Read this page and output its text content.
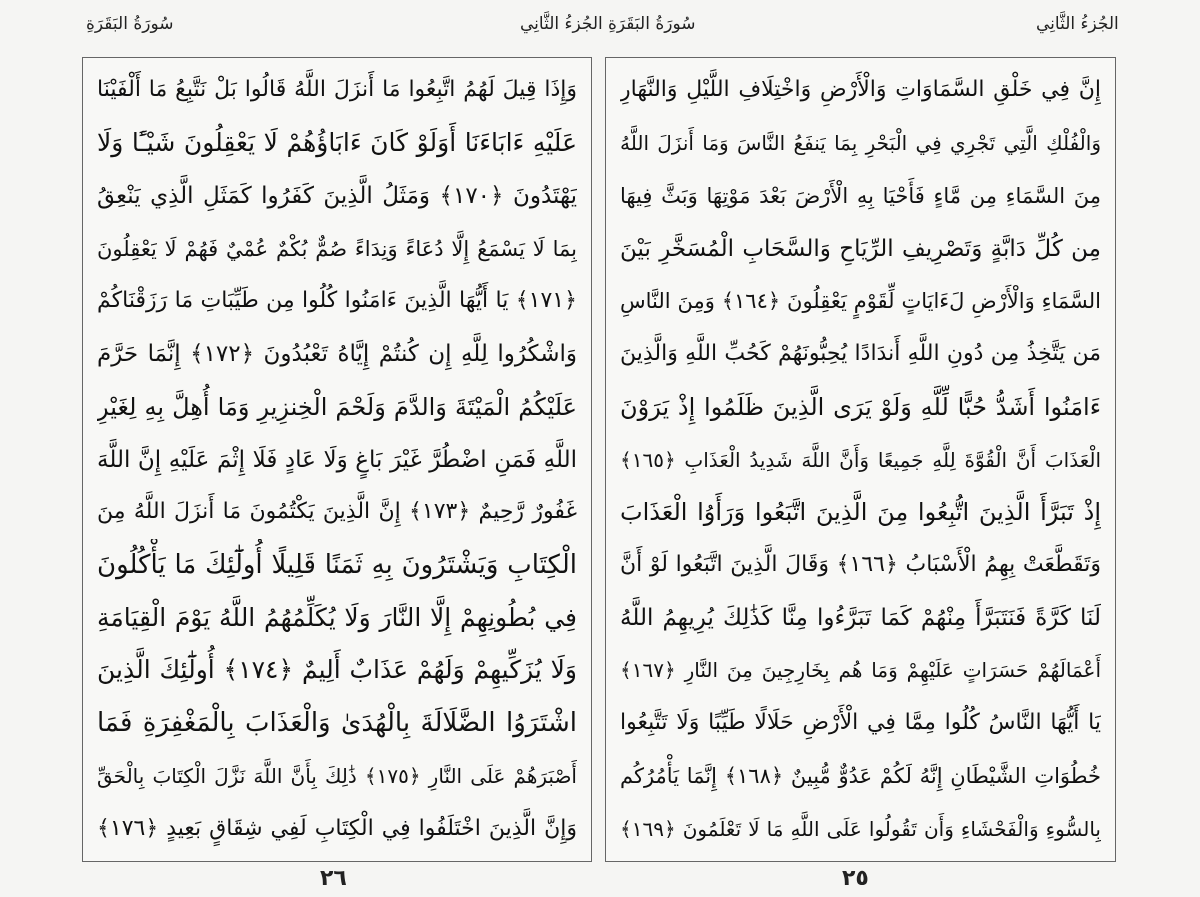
سُورَةُ البَقَرَةِ	الجُزءُ الثَّانِي
وَإِذَا قِيلَ لَهُمُ اتَّبِعُوا مَا أَنزَلَ اللَّهُ قَالُوا بَلْ نَتَّبِعُ مَا أَلْفَيْنَا
عَلَيْهِ ءَابَاءَنَا أَوَلَوْ كَانَ ءَابَاؤُهُمْ لَا يَعْقِلُونَ شَيْـًٔا وَلَا
يَهْتَدُونَ ﴿١٧٠﴾ وَمَثَلُ الَّذِينَ كَفَرُوا كَمَثَلِ الَّذِي يَنْعِقُ
بِمَا لَا يَسْمَعُ إِلَّا دُعَاءً وَنِدَاءً صُمٌّ بُكْمٌ عُمْيٌ فَهُمْ لَا يَعْقِلُونَ
﴿١٧١﴾ يَا أَيُّهَا الَّذِينَ ءَامَنُوا كُلُوا مِن طَيِّبَاتِ مَا رَزَقْنَاكُمْ
وَاشْكُرُوا لِلَّهِ إِن كُنتُمْ إِيَّاهُ تَعْبُدُونَ ﴿١٧٢﴾ إِنَّمَا حَرَّمَ
عَلَيْكُمُ الْمَيْتَةَ وَالدَّمَ وَلَحْمَ الْخِنزِيرِ وَمَا أُهِلَّ بِهِ لِغَيْرِ
اللَّهِ فَمَنِ اضْطُرَّ غَيْرَ بَاغٍ وَلَا عَادٍ فَلَا إِثْمَ عَلَيْهِ إِنَّ اللَّهَ
غَفُورٌ رَّحِيمٌ ﴿١٧٣﴾ إِنَّ الَّذِينَ يَكْتُمُونَ مَا أَنزَلَ اللَّهُ مِنَ
الْكِتَابِ وَيَشْتَرُونَ بِهِ ثَمَنًا قَلِيلًا أُولَٰٓئِكَ مَا يَأْكُلُونَ
فِي بُطُونِهِمْ إِلَّا النَّارَ وَلَا يُكَلِّمُهُمُ اللَّهُ يَوْمَ الْقِيَامَةِ
وَلَا يُزَكِّيهِمْ وَلَهُمْ عَذَابٌ أَلِيمٌ ﴿١٧٤﴾ أُولَٰٓئِكَ الَّذِينَ
اشْتَرَوُا الضَّلَالَةَ بِالْهُدَىٰ وَالْعَذَابَ بِالْمَغْفِرَةِ فَمَا
أَصْبَرَهُمْ عَلَى النَّارِ ﴿١٧٥﴾ ذَٰلِكَ بِأَنَّ اللَّهَ نَزَّلَ الْكِتَابَ بِالْحَقِّ
وَإِنَّ الَّذِينَ اخْتَلَفُوا فِي الْكِتَابِ لَفِي شِقَاقٍ بَعِيدٍ ﴿١٧٦﴾
٢٦
سُورَةُ البَقَرَةِ	الجُزءُ الثَّانِي
إِنَّ فِي خَلْقِ السَّمَاوَاتِ وَالْأَرْضِ وَاخْتِلَافِ اللَّيْلِ وَالنَّهَارِ
وَالْفُلْكِ الَّتِي تَجْرِي فِي الْبَحْرِ بِمَا يَنفَعُ النَّاسَ وَمَا أَنزَلَ اللَّهُ
مِنَ السَّمَاءِ مِن مَّاءٍ فَأَحْيَا بِهِ الْأَرْضَ بَعْدَ مَوْتِهَا وَبَثَّ فِيهَا
مِن كُلِّ دَابَّةٍ وَتَصْرِيفِ الرِّيَاحِ وَالسَّحَابِ الْمُسَخَّرِ بَيْنَ
السَّمَاءِ وَالْأَرْضِ لَءَايَاتٍ لِّقَوْمٍ يَعْقِلُونَ ﴿١٦٤﴾ وَمِنَ النَّاسِ
مَن يَتَّخِذُ مِن دُونِ اللَّهِ أَندَادًا يُحِبُّونَهُمْ كَحُبِّ اللَّهِ وَالَّذِينَ
ءَامَنُوا أَشَدُّ حُبًّا لِّلَّهِ وَلَوْ يَرَى الَّذِينَ ظَلَمُوا إِذْ يَرَوْنَ
الْعَذَابَ أَنَّ الْقُوَّةَ لِلَّهِ جَمِيعًا وَأَنَّ اللَّهَ شَدِيدُ الْعَذَابِ ﴿١٦٥﴾
إِذْ تَبَرَّأَ الَّذِينَ اتُّبِعُوا مِنَ الَّذِينَ اتَّبَعُوا وَرَأَوُا الْعَذَابَ
وَتَقَطَّعَتْ بِهِمُ الْأَسْبَابُ ﴿١٦٦﴾ وَقَالَ الَّذِينَ اتَّبَعُوا لَوْ أَنَّ
لَنَا كَرَّةً فَنَتَبَرَّأَ مِنْهُمْ كَمَا تَبَرَّءُوا مِنَّا كَذَٰلِكَ يُرِيهِمُ اللَّهُ
أَعْمَالَهُمْ حَسَرَاتٍ عَلَيْهِمْ وَمَا هُم بِخَارِجِينَ مِنَ النَّارِ ﴿١٦٧﴾
يَا أَيُّهَا النَّاسُ كُلُوا مِمَّا فِي الْأَرْضِ حَلَالًا طَيِّبًا وَلَا تَتَّبِعُوا
خُطُوَاتِ الشَّيْطَانِ إِنَّهُ لَكُمْ عَدُوٌّ مُّبِينٌ ﴿١٦٨﴾ إِنَّمَا يَأْمُرُكُم
بِالسُّوءِ وَالْفَحْشَاءِ وَأَن تَقُولُوا عَلَى اللَّهِ مَا لَا تَعْلَمُونَ ﴿١٦٩﴾
٢٥
